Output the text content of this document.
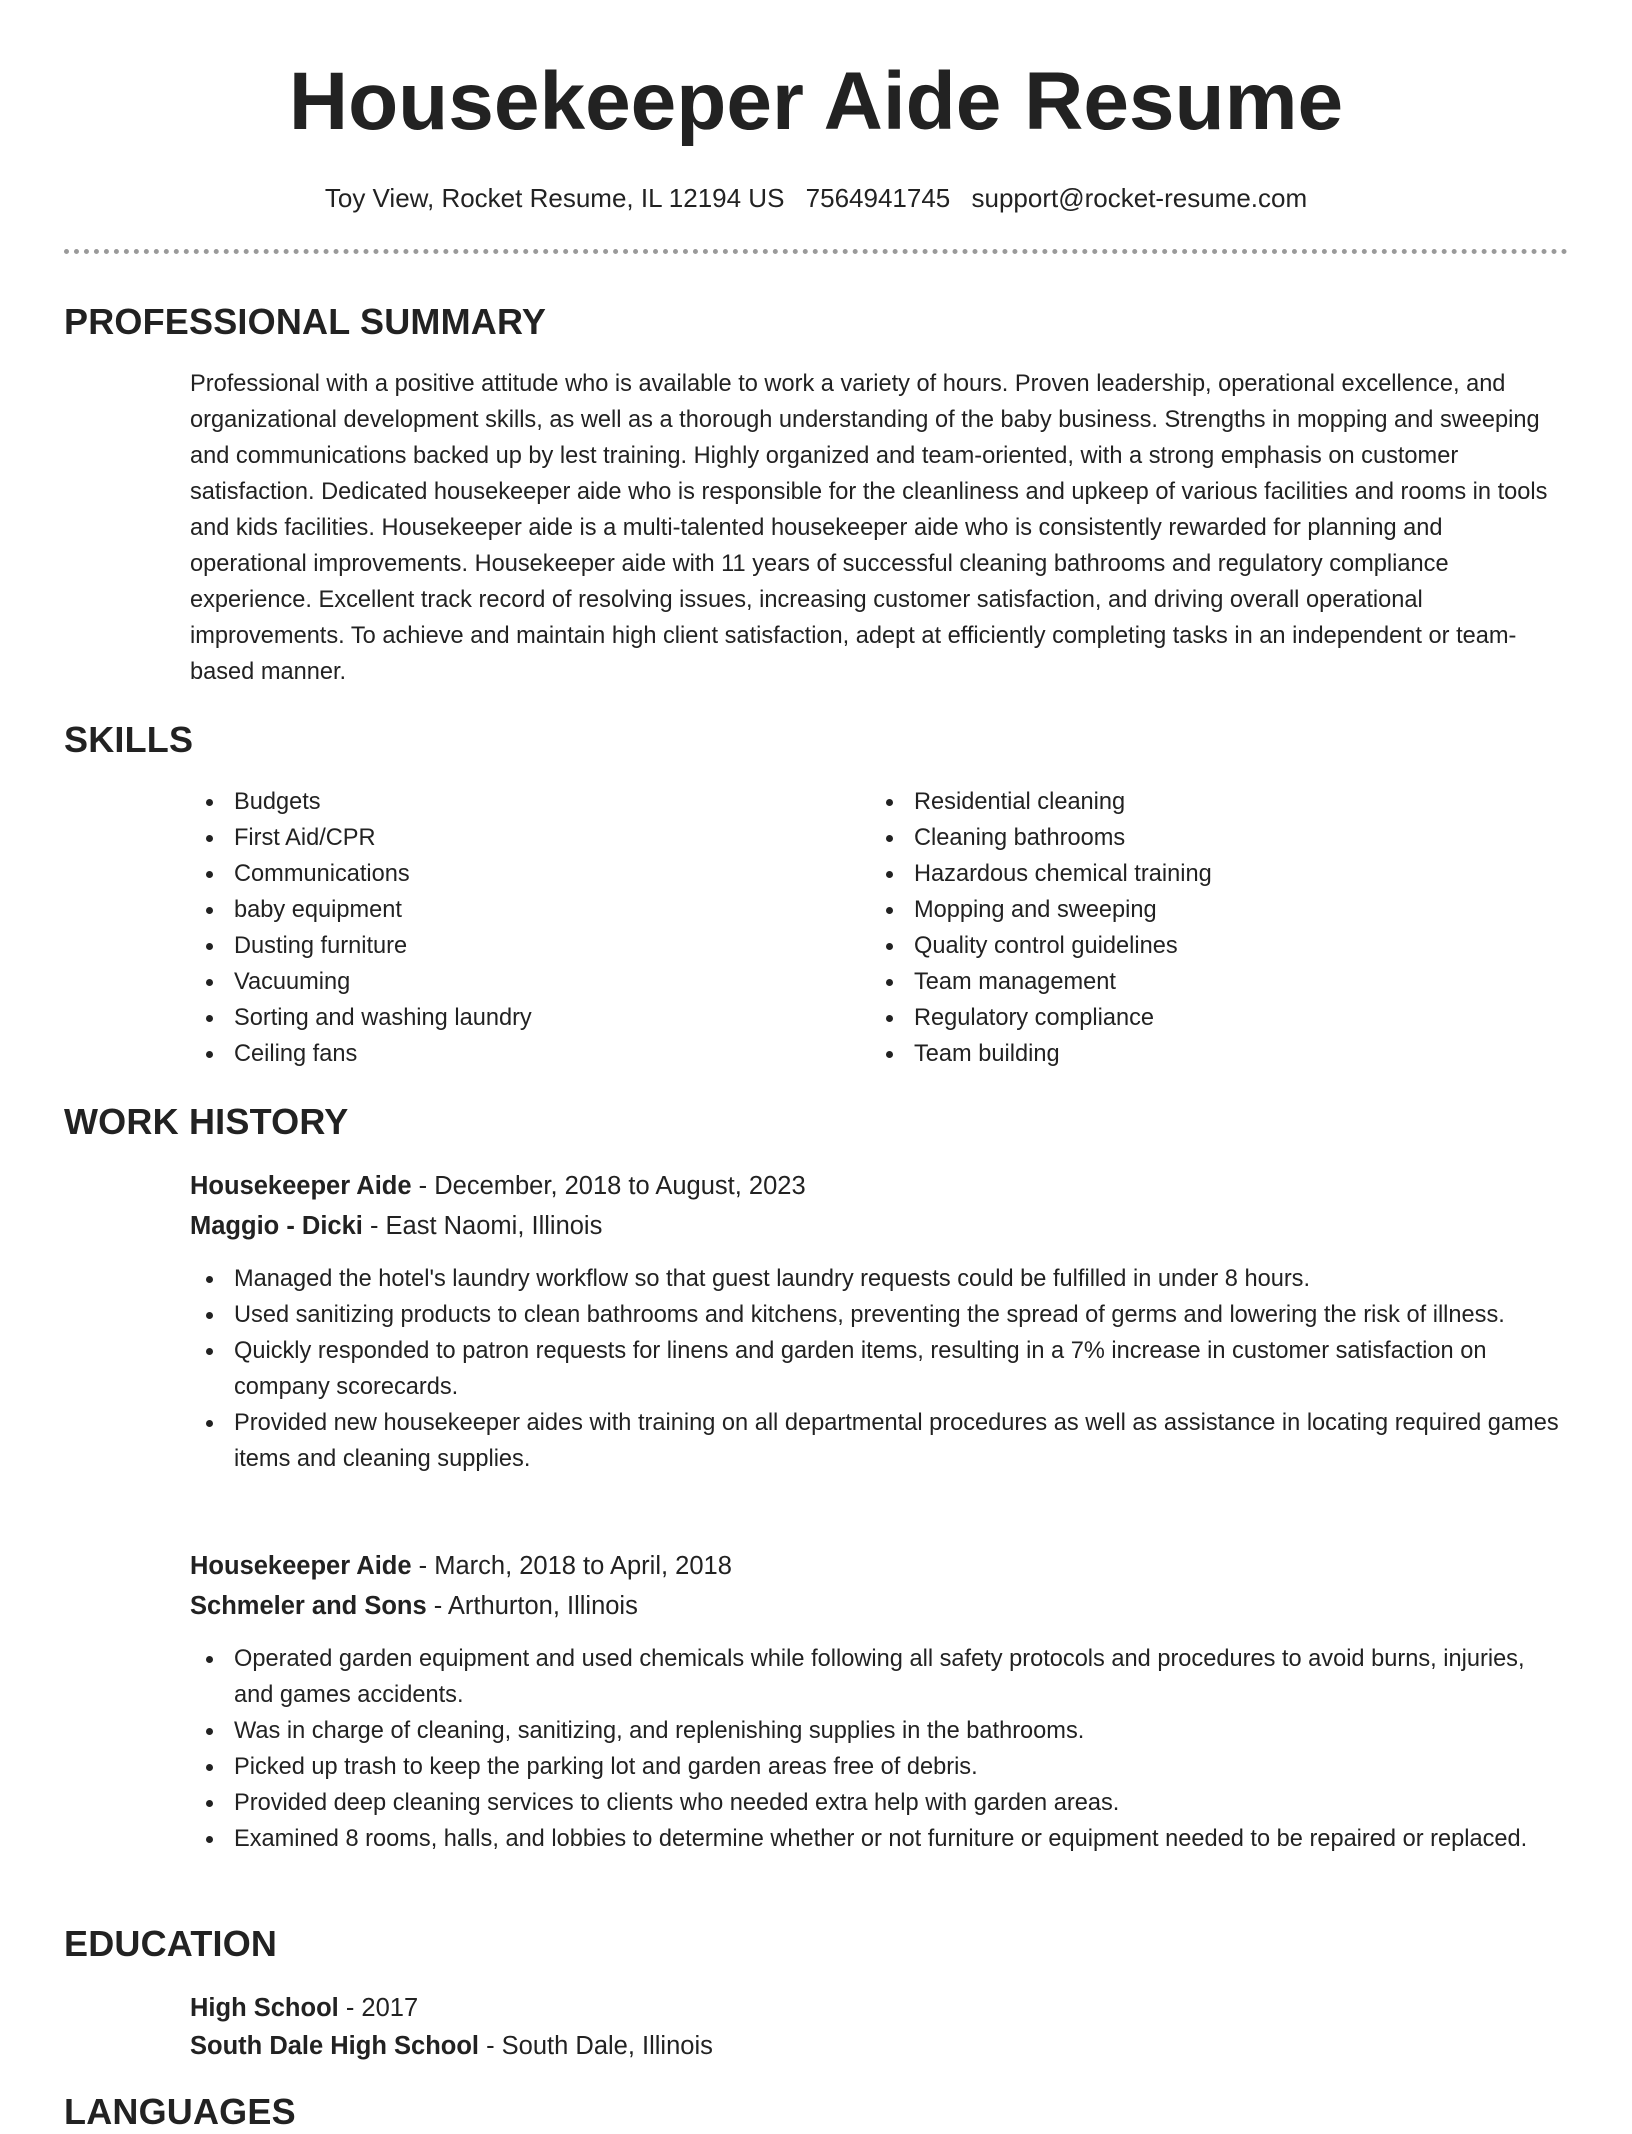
Housekeeper Aide Resume
Toy View, Rocket Resume, IL 12194 US 7564941745 support@rocket-resume.com
PROFESSIONAL SUMMARY

Professional with a positive attitude who is available to work a variety of hours. Proven leadership, operational excellence, and organizational development skills, as well as a thorough understanding of the baby business. Strengths in mopping and sweeping and communications backed up by lest training. Highly organized and team-oriented, with a strong emphasis on customer satisfaction. Dedicated housekeeper aide who is responsible for the cleanliness and upkeep of various facilities and rooms in tools and kids facilities. Housekeeper aide is a multi-talented housekeeper aide who is consistently rewarded for planning and operational improvements. Housekeeper aide with 11 years of successful cleaning bathrooms and regulatory compliance experience. Excellent track record of resolving issues, increasing customer satisfaction, and driving overall operational improvements. To achieve and maintain high client satisfaction, adept at efficiently completing tasks in an independent or team-based manner.

SKILLS
Budgets
First Aid/CPR
Communications
baby equipment
Dusting furniture
Vacuuming
Sorting and washing laundry
Ceiling fans
Residential cleaning
Cleaning bathrooms
Hazardous chemical training
Mopping and sweeping
Quality control guidelines
Team management
Regulatory compliance
Team building
WORK HISTORY
Housekeeper Aide - December, 2018 to August, 2023
Maggio - Dicki - East Naomi, Illinois
Managed the hotel's laundry workflow so that guest laundry requests could be fulfilled in under 8 hours.
Used sanitizing products to clean bathrooms and kitchens, preventing the spread of germs and lowering the risk of illness.
Quickly responded to patron requests for linens and garden items, resulting in a 7% increase in customer satisfaction on company scorecards.
Provided new housekeeper aides with training on all departmental procedures as well as assistance in locating required games items and cleaning supplies.
Housekeeper Aide - March, 2018 to April, 2018
Schmeler and Sons - Arthurton, Illinois
Operated garden equipment and used chemicals while following all safety protocols and procedures to avoid burns, injuries, and games accidents.
Was in charge of cleaning, sanitizing, and replenishing supplies in the bathrooms.
Picked up trash to keep the parking lot and garden areas free of debris.
Provided deep cleaning services to clients who needed extra help with garden areas.
Examined 8 rooms, halls, and lobbies to determine whether or not furniture or equipment needed to be repaired or replaced.
EDUCATION
High School - 2017
South Dale High School - South Dale, Illinois
LANGUAGES
